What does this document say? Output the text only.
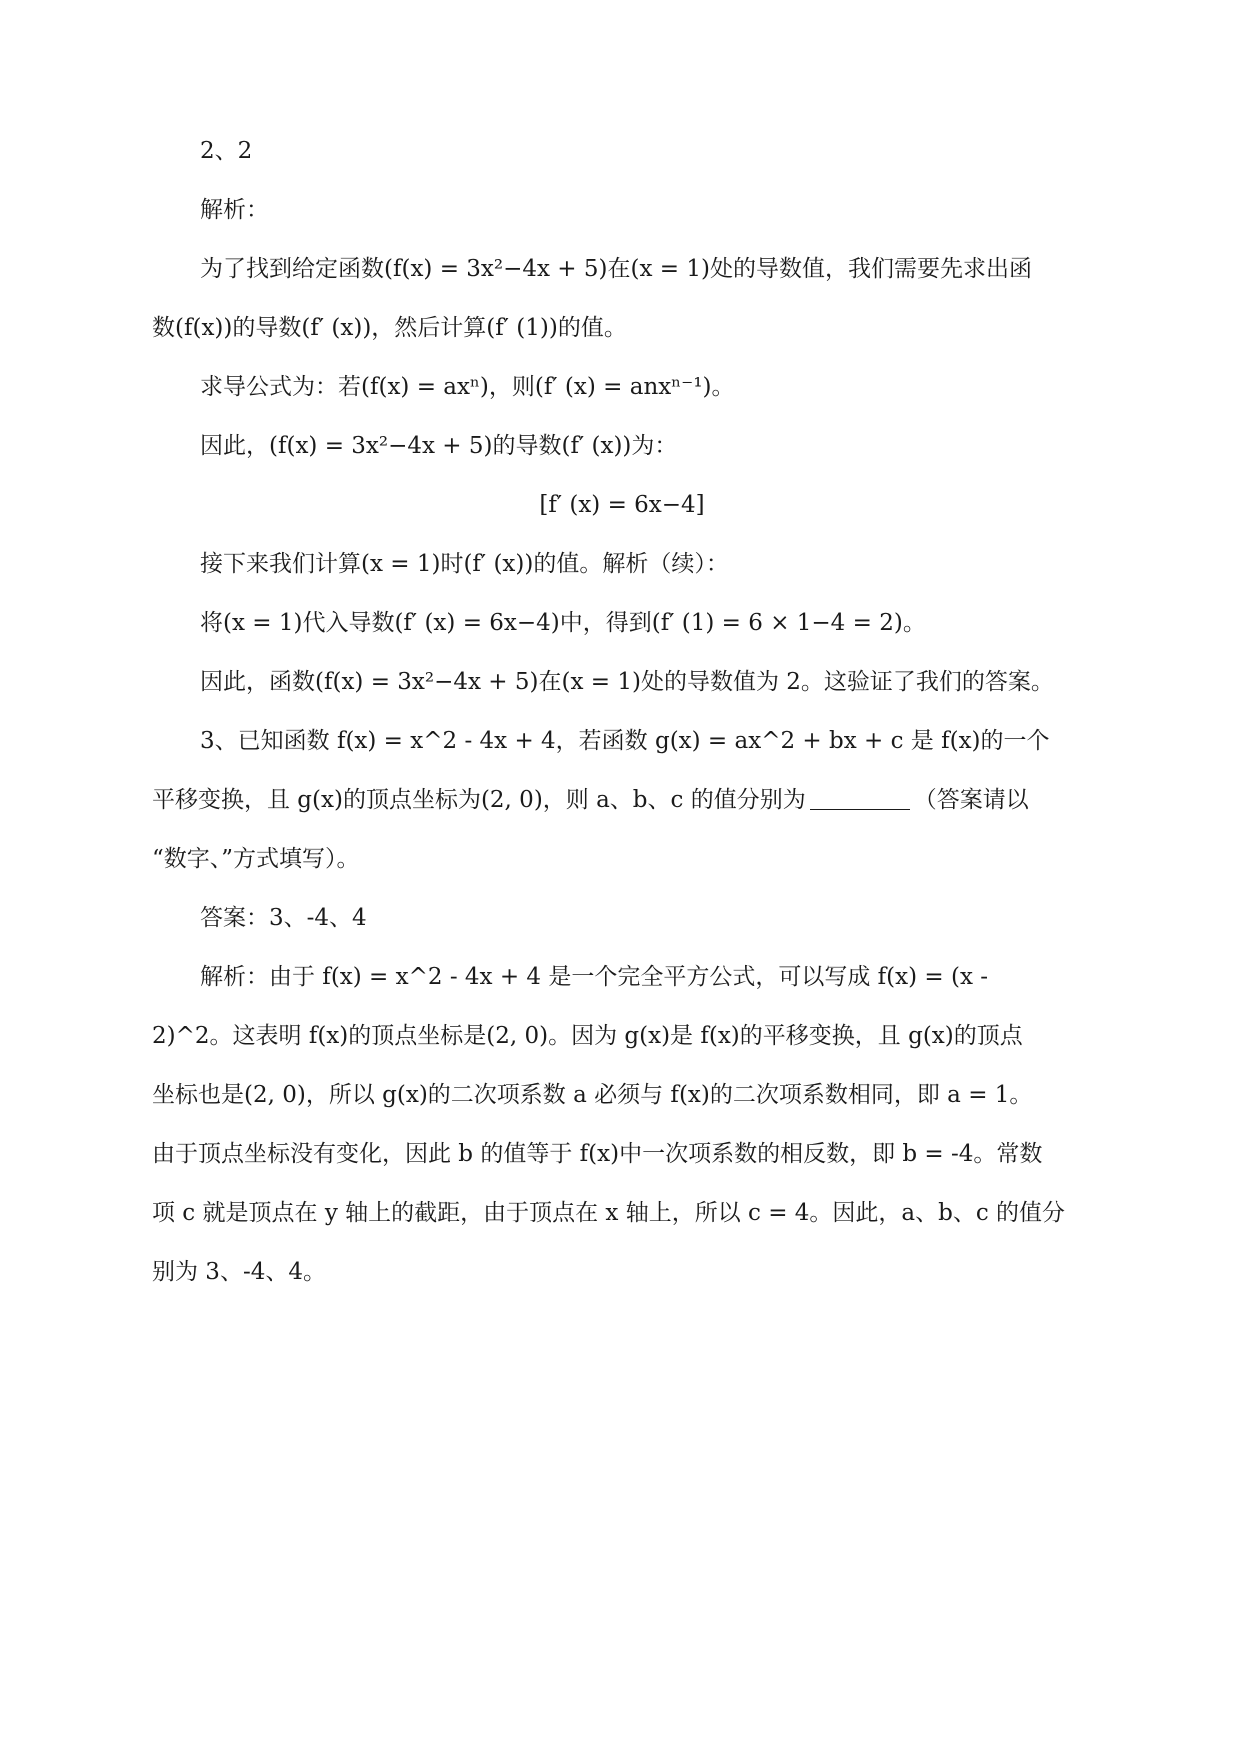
2、2
解析：
为了找到给定函数(f(x) = 3x²−4x + 5)在(x = 1)处的导数值，我们需要先求出函
数(f(x))的导数(f′ (x))，然后计算(f′ (1))的值。
求导公式为：若(f(x) = axⁿ)，则(f′ (x) = anxⁿ⁻¹)。
因此，(f(x) = 3x²−4x + 5)的导数(f′ (x))为：
[f′ (x) = 6x−4]
接下来我们计算(x = 1)时(f′ (x))的值。解析（续）：
将(x = 1)代入导数(f′ (x) = 6x−4)中，得到(f′ (1) = 6 × 1−4 = 2)。
因此，函数(f(x) = 3x²−4x + 5)在(x = 1)处的导数值为 2。这验证了我们的答案。
3、已知函数 f(x) = x^2 - 4x + 4，若函数 g(x) = ax^2 + bx + c 是 f(x)的一个
平移变换，且 g(x)的顶点坐标为(2, 0)，则 a、b、c 的值分别为	（答案请以
“数字、”方式填写）。
答案：3、-4、4
解析：由于 f(x) = x^2 - 4x + 4 是一个完全平方公式，可以写成 f(x) = (x -
2)^2。这表明 f(x)的顶点坐标是(2, 0)。因为 g(x)是 f(x)的平移变换，且 g(x)的顶点
坐标也是(2, 0)，所以 g(x)的二次项系数 a 必须与 f(x)的二次项系数相同，即 a = 1。
由于顶点坐标没有变化，因此 b 的值等于 f(x)中一次项系数的相反数，即 b = -4。常数
项 c 就是顶点在 y 轴上的截距，由于顶点在 x 轴上，所以 c = 4。因此，a、b、c 的值分
别为 3、-4、4。
